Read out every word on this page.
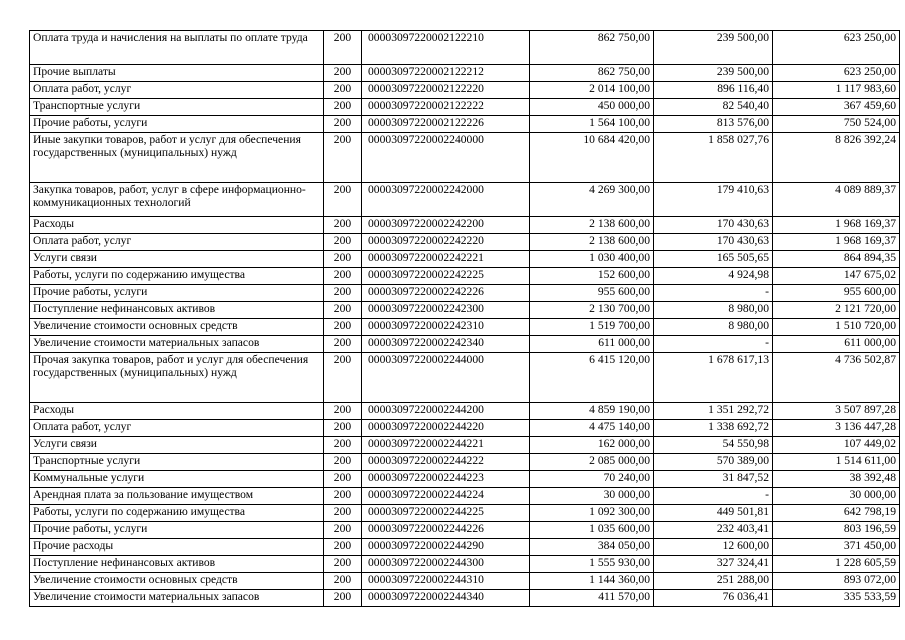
Оплата труда и начисления на выплаты по оплате труда	200	00003097220002122210	862 750,00	239 500,00	623 250,00
Прочие выплаты	200	00003097220002122212	862 750,00	239 500,00	623 250,00
Оплата работ, услуг	200	00003097220002122220	2 014 100,00	896 116,40	1 117 983,60
Транспортные услуги	200	00003097220002122222	450 000,00	82 540,40	367 459,60
Прочие работы, услуги	200	00003097220002122226	1 564 100,00	813 576,00	750 524,00
Иные закупки товаров, работ и услуг для обеспечения государственных (муниципальных) нужд	200	00003097220002240000	10 684 420,00	1 858 027,76	8 826 392,24
Закупка товаров, работ, услуг в сфере информационно-коммуникационных технологий	200	00003097220002242000	4 269 300,00	179 410,63	4 089 889,37
Расходы	200	00003097220002242200	2 138 600,00	170 430,63	1 968 169,37
Оплата работ, услуг	200	00003097220002242220	2 138 600,00	170 430,63	1 968 169,37
Услуги связи	200	00003097220002242221	1 030 400,00	165 505,65	864 894,35
Работы, услуги по содержанию имущества	200	00003097220002242225	152 600,00	4 924,98	147 675,02
Прочие работы, услуги	200	00003097220002242226	955 600,00	-	955 600,00
Поступление нефинансовых активов	200	00003097220002242300	2 130 700,00	8 980,00	2 121 720,00
Увеличение стоимости основных средств	200	00003097220002242310	1 519 700,00	8 980,00	1 510 720,00
Увеличение стоимости материальных запасов	200	00003097220002242340	611 000,00	-	611 000,00
Прочая закупка товаров, работ и услуг для обеспечения государственных (муниципальных) нужд	200	00003097220002244000	6 415 120,00	1 678 617,13	4 736 502,87
Расходы	200	00003097220002244200	4 859 190,00	1 351 292,72	3 507 897,28
Оплата работ, услуг	200	00003097220002244220	4 475 140,00	1 338 692,72	3 136 447,28
Услуги связи	200	00003097220002244221	162 000,00	54 550,98	107 449,02
Транспортные услуги	200	00003097220002244222	2 085 000,00	570 389,00	1 514 611,00
Коммунальные услуги	200	00003097220002244223	70 240,00	31 847,52	38 392,48
Арендная плата за пользование имуществом	200	00003097220002244224	30 000,00	-	30 000,00
Работы, услуги по содержанию имущества	200	00003097220002244225	1 092 300,00	449 501,81	642 798,19
Прочие работы, услуги	200	00003097220002244226	1 035 600,00	232 403,41	803 196,59
Прочие расходы	200	00003097220002244290	384 050,00	12 600,00	371 450,00
Поступление нефинансовых активов	200	00003097220002244300	1 555 930,00	327 324,41	1 228 605,59
Увеличение стоимости основных средств	200	00003097220002244310	1 144 360,00	251 288,00	893 072,00
Увеличение стоимости материальных запасов	200	00003097220002244340	411 570,00	76 036,41	335 533,59
